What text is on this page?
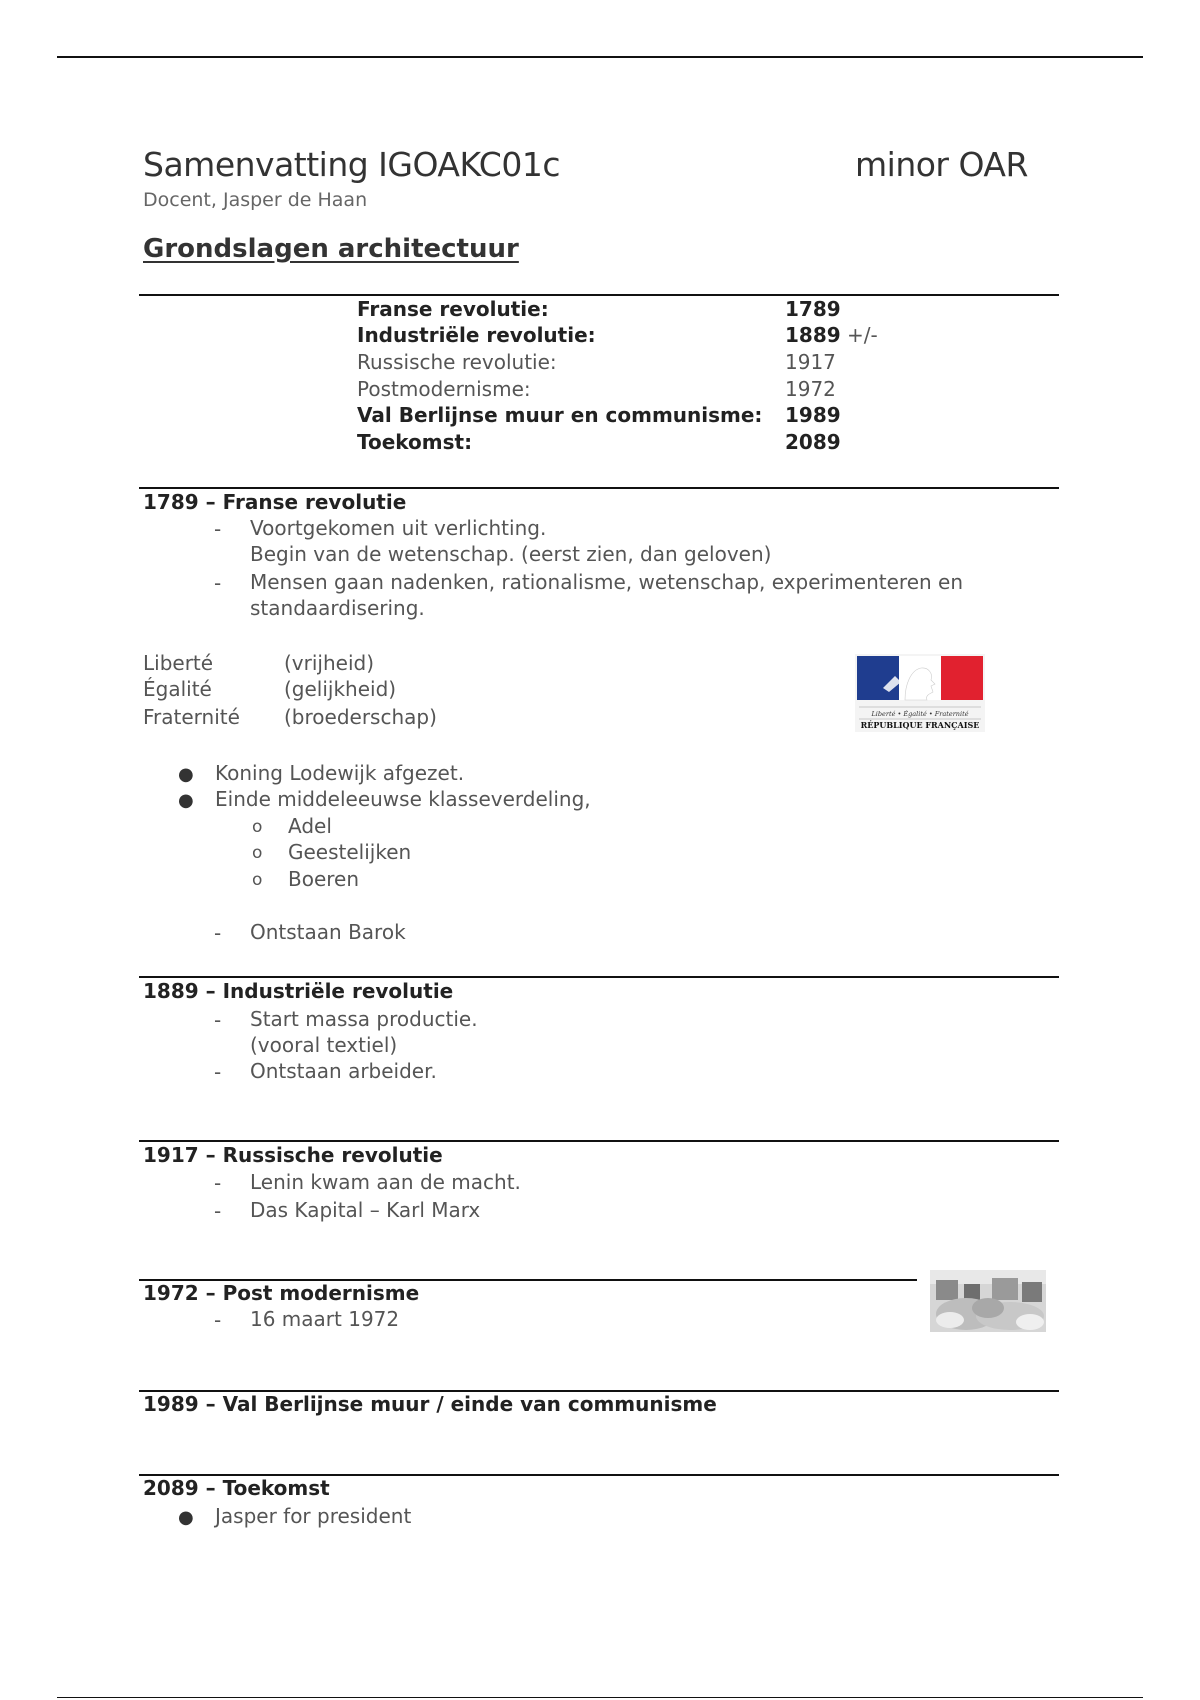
Samenvatting IGOAKC01c	minor OAR
Docent, Jasper de Haan
Grondslagen architectuur
Franse revolutie:	1789
Industriële revolutie:	1889 +/-
Russische revolutie:	1917
Postmodernisme:	1972
Val Berlijnse muur en communisme: 1989
Toekomst:	2089
1789 – Franse revolutie
- Voortgekomen uit verlichting.
Begin van de wetenschap. (eerst zien, dan geloven)
- Mensen gaan nadenken, rationalisme, wetenschap, experimenteren en
standaardisering.
Liberté	(vrijheid)
Égalité	(gelijkheid)
Fraternité (broederschap)	Liberté • Égalité • Fraternité
RÉPUBLIQUE FRANÇAISE
● Koning Lodewijk afgezet.
● Einde middeleeuwse klasseverdeling,
o Adel
o Geestelijken
o Boeren
- Ontstaan Barok
1889 – Industriële revolutie
- Start massa productie.
(vooral textiel)
- Ontstaan arbeider.
1917 – Russische revolutie
- Lenin kwam aan de macht.
- Das Kapital – Karl Marx
1972 – Post modernisme
- 16 maart 1972
1989 – Val Berlijnse muur / einde van communisme
2089 – Toekomst
● Jasper for president
